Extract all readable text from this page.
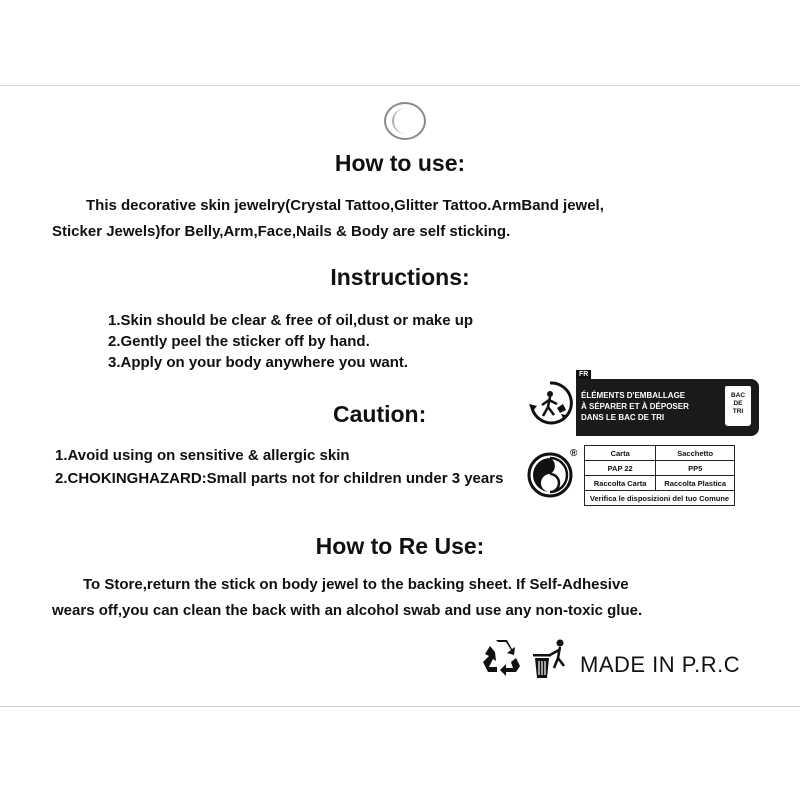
How to use:
This decorative skin jewelry(Crystal Tattoo,Glitter Tattoo.ArmBand jewel,
Sticker Jewels)for Belly,Arm,Face,Nails & Body are self sticking.
Instructions:
1.Skin should be clear & free of oil,dust or make up
2.Gently peel the sticker off by hand.
3.Apply on your body anywhere you want.
Caution:
1.Avoid using on sensitive & allergic skin
2.CHOKINGHAZARD:Small parts not for children under 3 years
FR
ÉLÉMENTS D'EMBALLAGE
À SÉPARER ET À DÉPOSER
DANS LE BAC DE TRI
BAC
DE
TRI
®	Carta	Sacchetto
PAP 22	PP5
Raccolta Carta	Raccolta Plastica
Verifica le disposizioni del tuo Comune	
How to Re Use:
To Store,return the stick on body jewel to the backing sheet. If Self-Adhesive
wears off,you can clean the back with an alcohol swab and use any non-toxic glue.
MADE IN P.R.C
